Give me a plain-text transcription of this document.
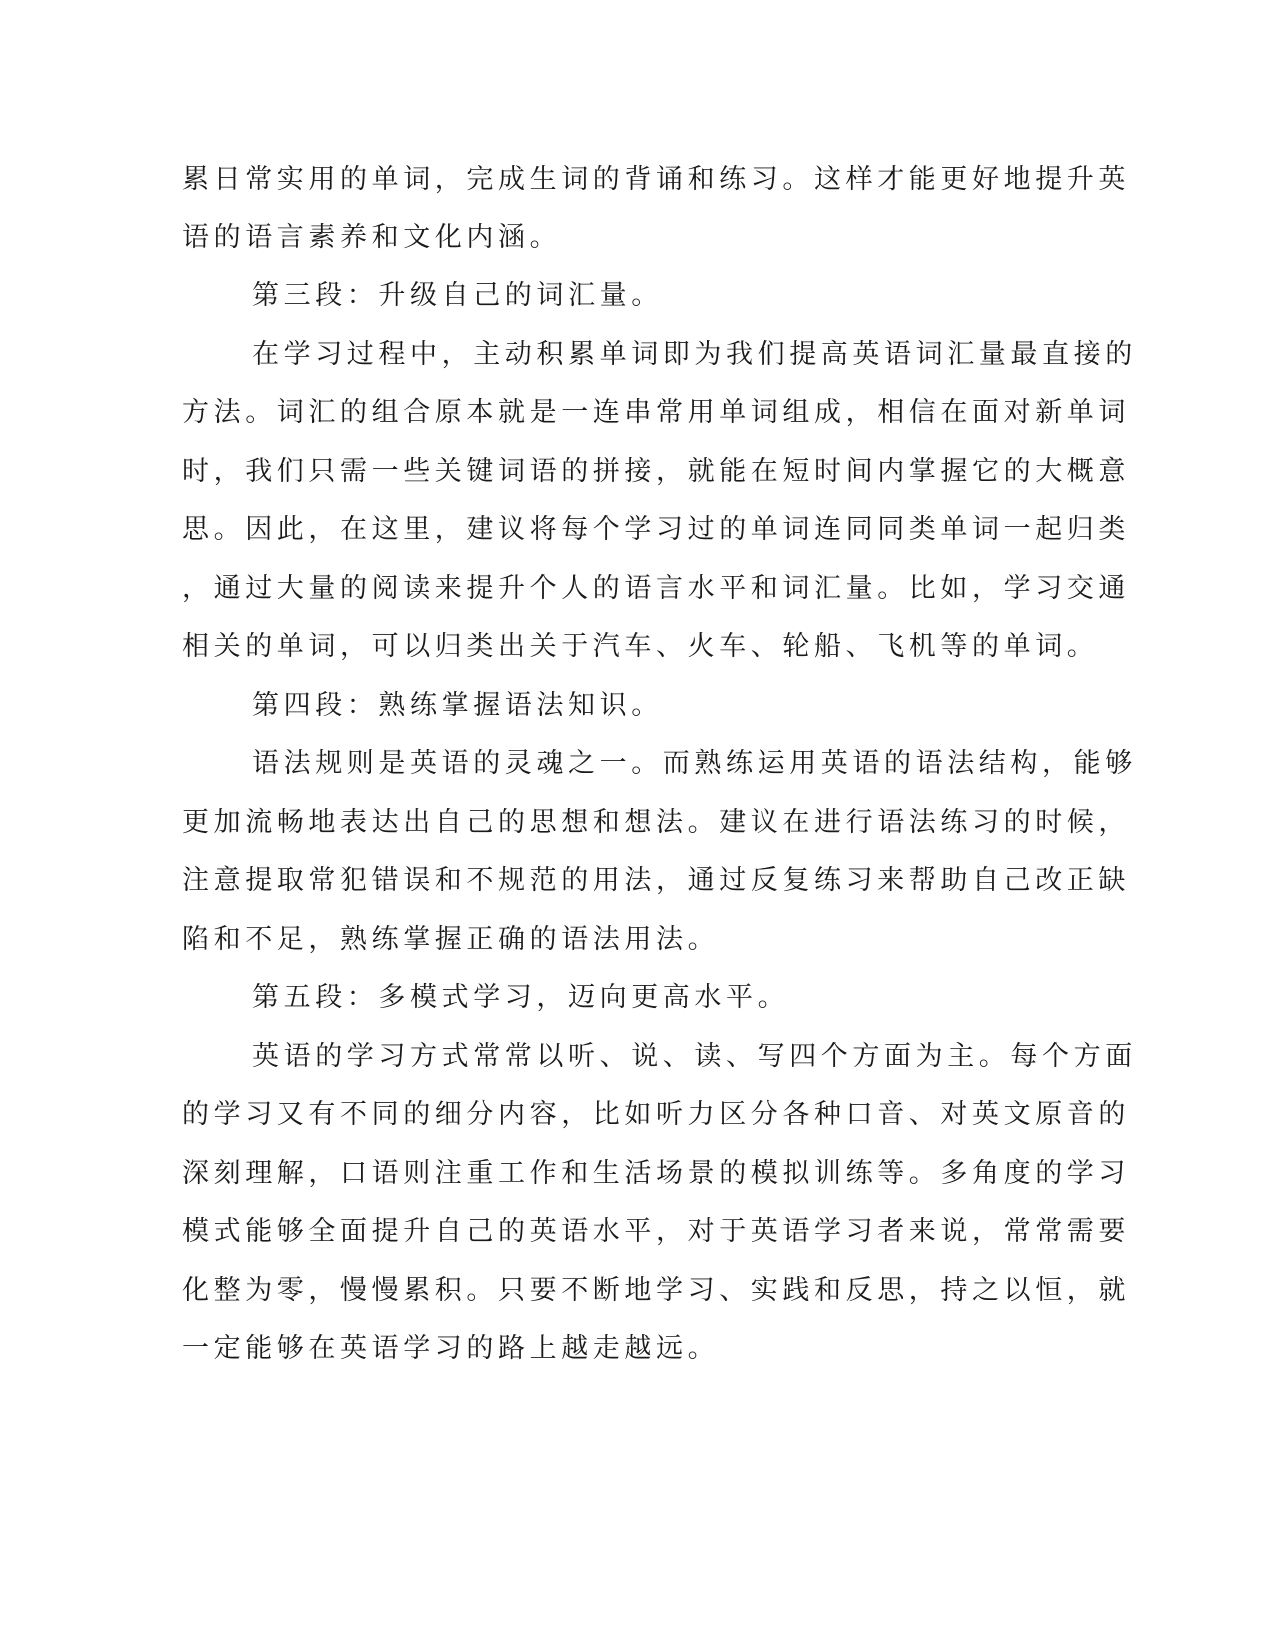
累日常实用的单词，完成生词的背诵和练习。这样才能更好地提升英

语的语言素养和文化内涵。

第三段：升级自己的词汇量。

在学习过程中，主动积累单词即为我们提高英语词汇量最直接的

方法。词汇的组合原本就是一连串常用单词组成，相信在面对新单词

时，我们只需一些关键词语的拼接，就能在短时间内掌握它的大概意

思。因此，在这里，建议将每个学习过的单词连同同类单词一起归类

，通过大量的阅读来提升个人的语言水平和词汇量。比如，学习交通

相关的单词，可以归类出关于汽车、火车、轮船、飞机等的单词。

第四段：熟练掌握语法知识。

语法规则是英语的灵魂之一。而熟练运用英语的语法结构，能够

更加流畅地表达出自己的思想和想法。建议在进行语法练习的时候，

注意提取常犯错误和不规范的用法，通过反复练习来帮助自己改正缺

陷和不足，熟练掌握正确的语法用法。

第五段：多模式学习，迈向更高水平。

英语的学习方式常常以听、说、读、写四个方面为主。每个方面

的学习又有不同的细分内容，比如听力区分各种口音、对英文原音的

深刻理解，口语则注重工作和生活场景的模拟训练等。多角度的学习

模式能够全面提升自己的英语水平，对于英语学习者来说，常常需要

化整为零，慢慢累积。只要不断地学习、实践和反思，持之以恒，就

一定能够在英语学习的路上越走越远。
